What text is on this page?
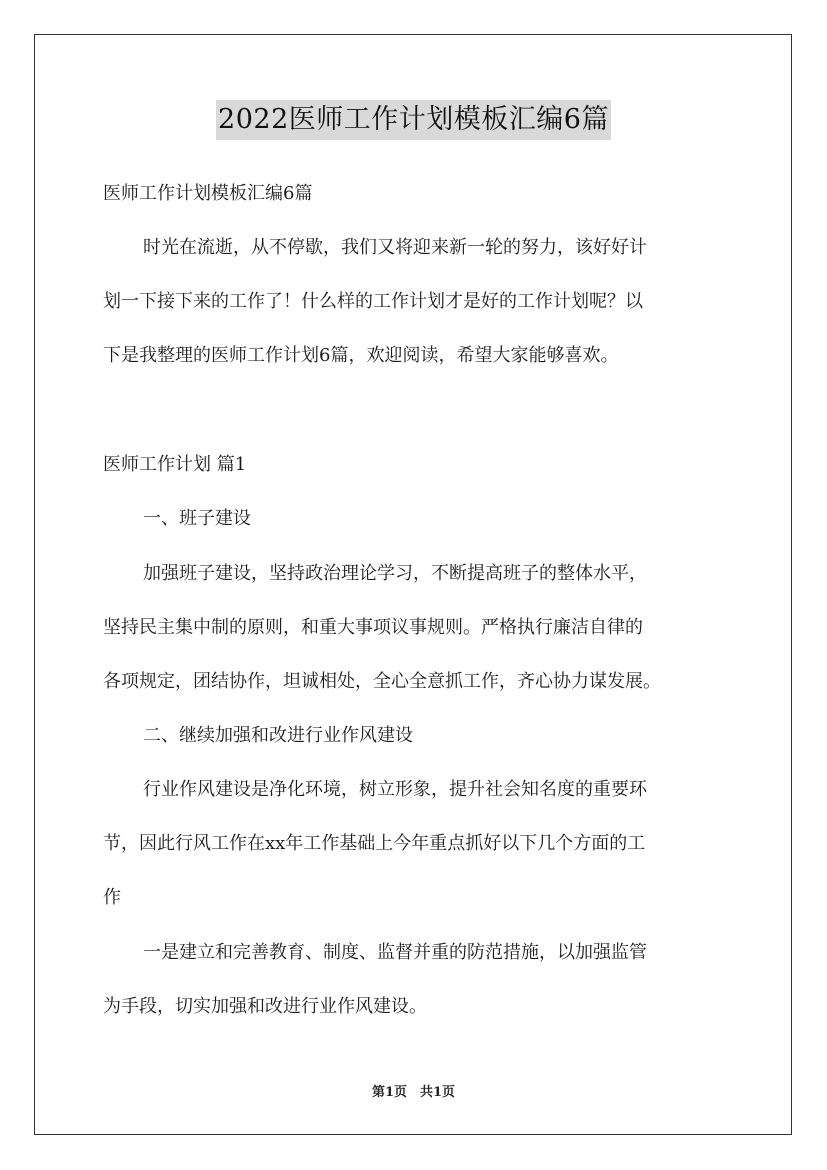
2022医师工作计划模板汇编6篇
医师工作计划模板汇编6篇
时光在流逝，从不停歇，我们又将迎来新一轮的努力，该好好计
划一下接下来的工作了！什么样的工作计划才是好的工作计划呢？以
下是我整理的医师工作计划6篇，欢迎阅读，希望大家能够喜欢。
医师工作计划 篇1
一、班子建设
加强班子建设，坚持政治理论学习，不断提高班子的整体水平，
坚持民主集中制的原则，和重大事项议事规则。严格执行廉洁自律的
各项规定，团结协作，坦诚相处，全心全意抓工作，齐心协力谋发展。
二、继续加强和改进行业作风建设
行业作风建设是净化环境，树立形象，提升社会知名度的重要环
节，因此行风工作在xx年工作基础上今年重点抓好以下几个方面的工
作
一是建立和完善教育、制度、监督并重的防范措施，以加强监管
为手段，切实加强和改进行业作风建设。
第1页　共1页
